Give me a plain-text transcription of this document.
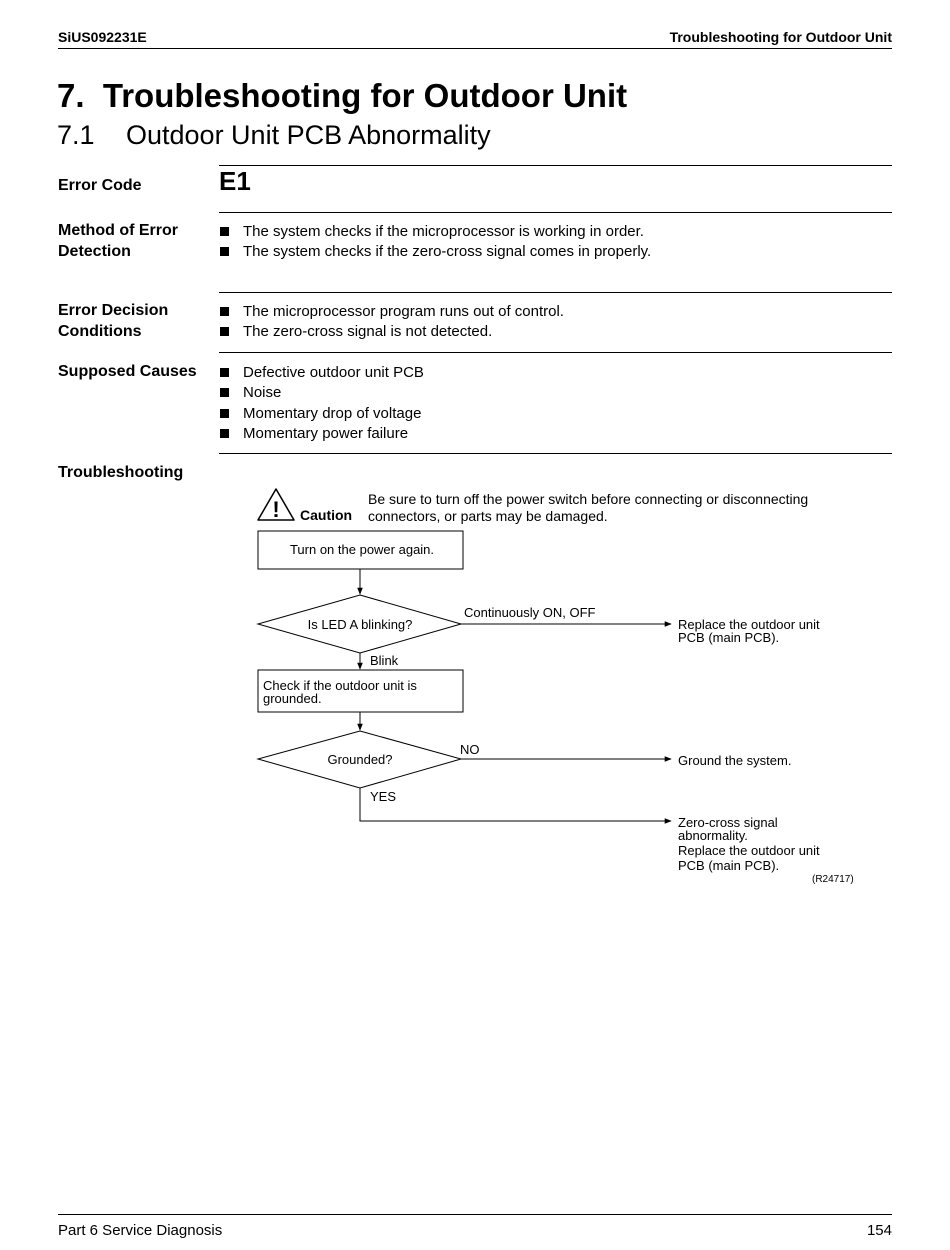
SiUS092231E	Troubleshooting for Outdoor Unit
7.  Troubleshooting for Outdoor Unit
7.1 Outdoor Unit PCB Abnormality
Error Code	E1
Method of Error Detection
The system checks if the microprocessor is working in order.
The system checks if the zero-cross signal comes in properly.
Error Decision Conditions
The microprocessor program runs out of control.
The zero-cross signal is not detected.
Supposed Causes	Defective outdoor unit PCB
Noise
Momentary drop of voltage
Momentary power failure
Troubleshooting
! Caution
Be sure to turn off the power switch before connecting or disconnecting
connectors, or parts may be damaged.
Turn on the power again.
Is LED A blinking?
Continuously ON, OFF
Replace the outdoor unit
PCB (main PCB).
Blink
Check if the outdoor unit is
grounded.
Grounded?
NO
Ground the system.
YES
Zero-cross signal
abnormality.
Replace the outdoor unit
PCB (main PCB).
(R24717)
Part 6 Service Diagnosis	154
